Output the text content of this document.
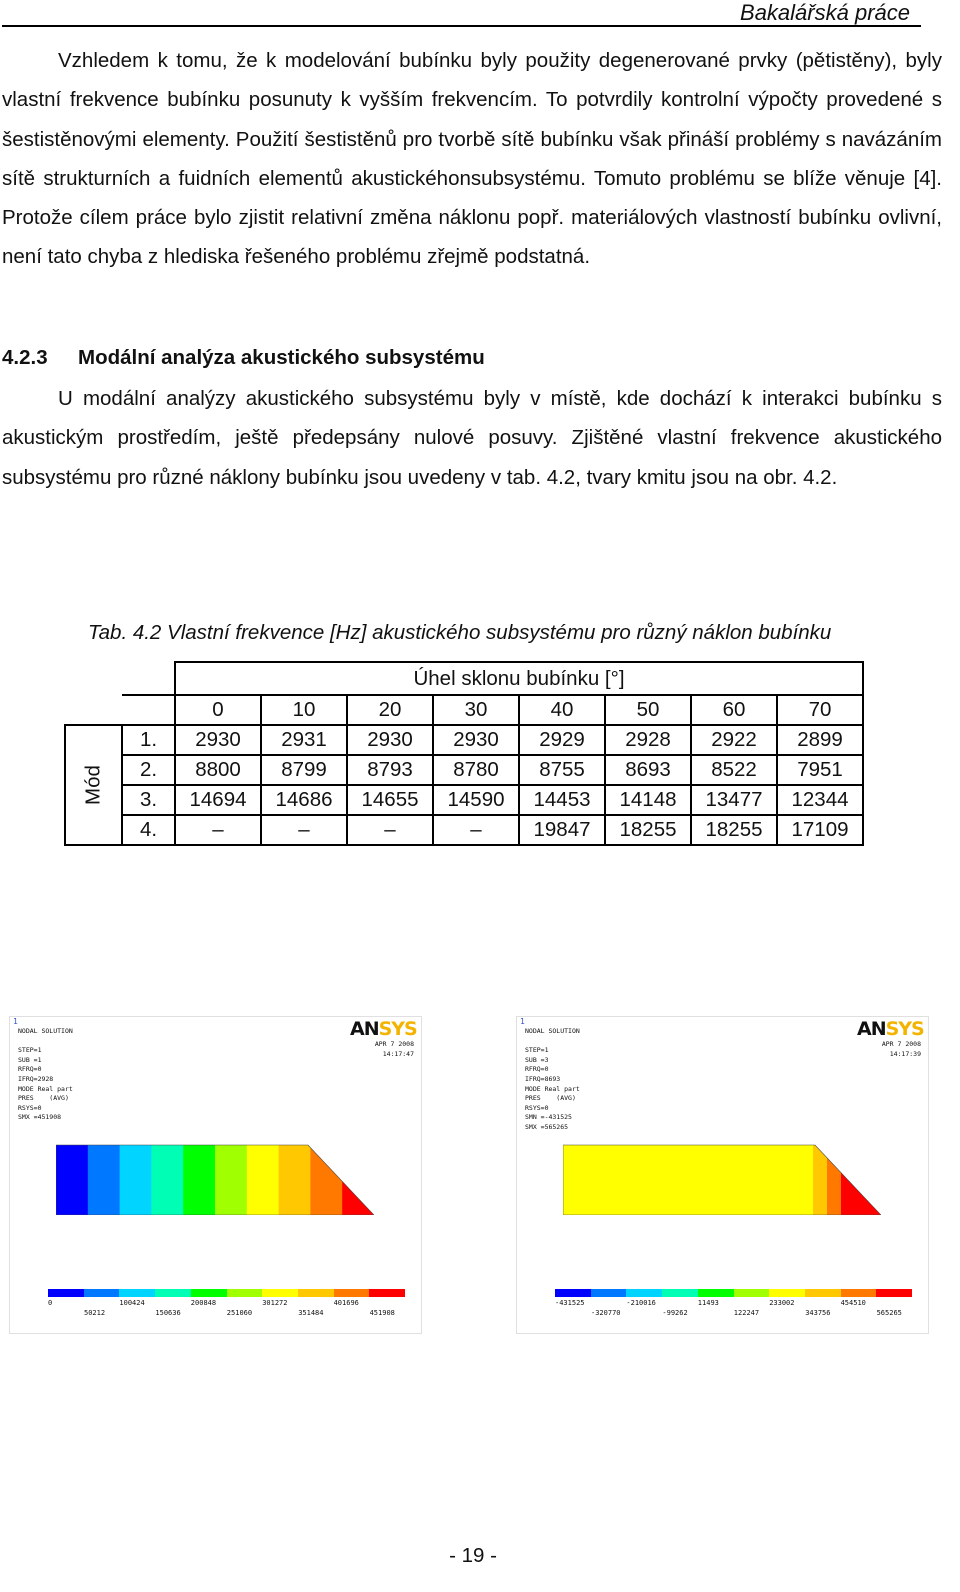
Bakalářská práce

Vzhledem k tomu, že k modelování bubínku byly použity degenerované prvky (pětistěny), byly vlastní frekvence bubínku posunuty k vyšším frekvencím. To potvrdily kontrolní výpočty provedené s šestistěnovými elementy. Použití šestistěnů pro tvorbě sítě bubínku však přináší problémy s navázáním sítě strukturních a fuidních elementů akustickéhonsubsystému. Tomuto problému se blíže věnuje [4]. Protože cílem práce bylo zjistit relativní změna náklonu popř. materiálových vlastností bubínku ovlivní, není tato chyba z hlediska řešeného problému zřejmě podstatná.

4.2.3 Modální analýza akustického subsystému

U modální analýzy akustického subsystému byly v místě, kde dochází k interakci bubínku s akustickým prostředím, ještě předepsány nulové posuvy. Zjištěné vlastní frekvence akustického subsystému pro různé náklony bubínku jsou uvedeny v tab. 4.2, tvary kmitu jsou na obr. 4.2.

Tab. 4.2 Vlastní frekvence [Hz] akustického subsystému pro různý náklon bubínku
		Úhel sklonu bubínku [°]							
		0	10	20	30	40	50	60	70

Mód	1.	2930	2931	2930	2930	2929	2928	2922	2899
	2.	8800	8799	8793	8780	8755	8693	8522	7951
	3.	14694	14686	14655	14590	14453	14148	13477	12344
	4.	–	–	–	–	19847	18255	18255	17109
1
NODAL SOLUTION
STEP=1
SUB =1
RFRQ=0
IFRQ=2928
MODE Real part
PRES    (AVG)
RSYS=0
SMX =451908
APR 7 2008
14:17:47
ANSYS
0	100424	200848	301272	401696
50212	150636	251060	351484	451908
1
NODAL SOLUTION
STEP=1
SUB =3
RFRQ=0
IFRQ=8693
MODE Real part
PRES    (AVG)
RSYS=0
SMN =-431525
SMX =565265
APR 7 2008
14:17:39
ANSYS
-431525	-210016	11493	233002	454510
-320770	-99262	122247	343756	565265
- 19 -
